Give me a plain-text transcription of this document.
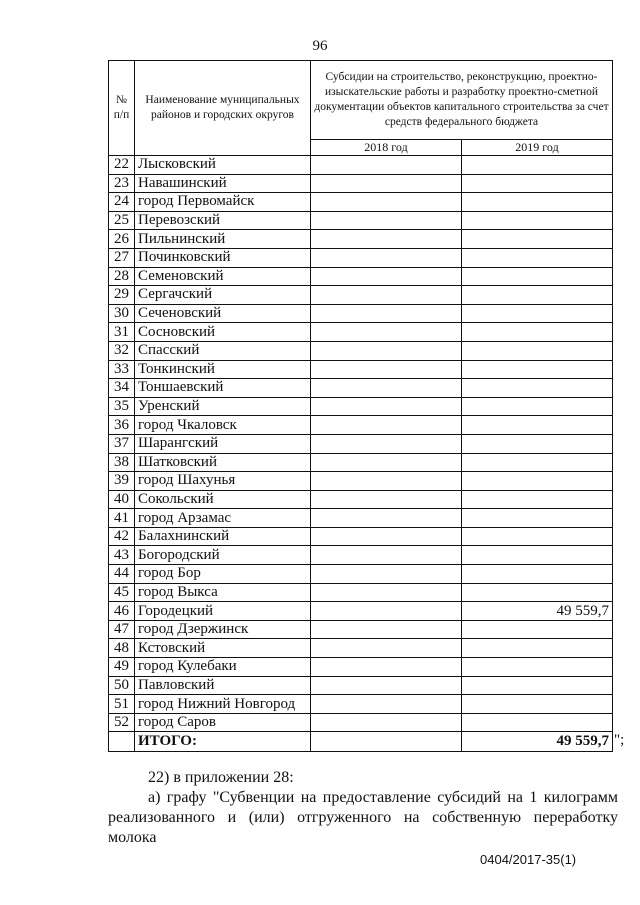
96
№ п/п	Наименование муниципальных районов и городских округов	Субсидии на строительство, реконструкцию, проектно-изыскательские работы и разработку проектно-сметной документации объектов капитального строительства за счет средств федерального бюджета	
		2018 год	2019 год
22	Лысковский		
23	Навашинский		
24	город Первомайск		
25	Перевозский		
26	Пильнинский		
27	Починковский		
28	Семеновский		
29	Сергачский		
30	Сеченовский		
31	Сосновский		
32	Спасский		
33	Тонкинский		
34	Тоншаевский		
35	Уренский		
36	город Чкаловск		
37	Шарангский		
38	Шатковский		
39	город Шахунья		
40	Сокольский		
41	город Арзамас		
42	Балахнинский		
43	Богородский		
44	город Бор		
45	город Выкса		
46	Городецкий		49 559,7
47	город Дзержинск		
48	Кстовский		
49	город Кулебаки		
50	Павловский		
51	город Нижний Новгород		
52	город Саров		
	ИТОГО:		49 559,7 ";
22) в приложении 28:
а) графу "Субвенции на предоставление субсидий на 1 килограмм
реализованного и (или) отгруженного на собственную переработку молока
0404/2017-35(1)
